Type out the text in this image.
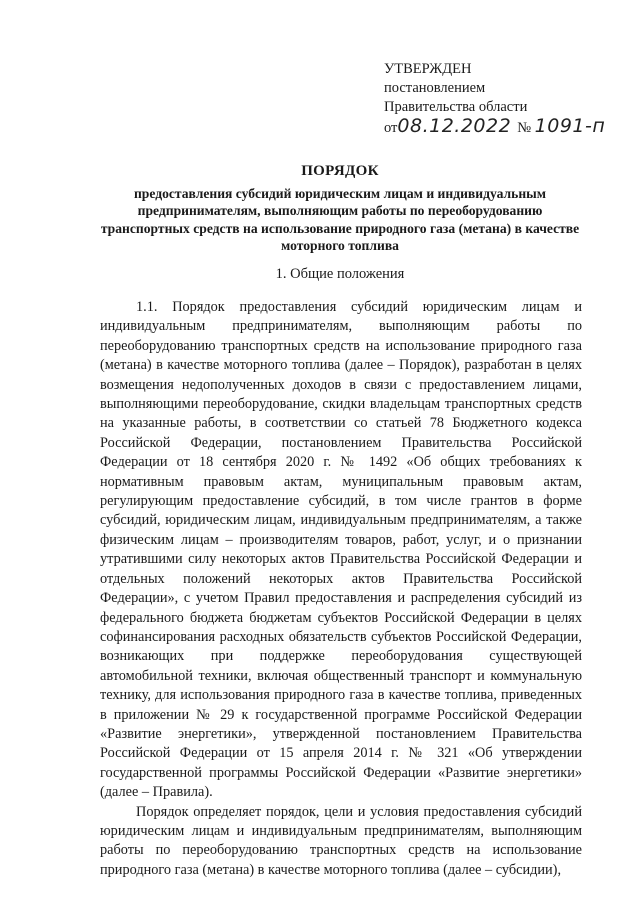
УТВЕРЖДЕН
постановлением
Правительства области
от08.12.2022 № 1091-п
ПОРЯДОК
предоставления субсидий юридическим лицам и индивидуальным предпринимателям, выполняющим работы по переоборудованию транспортных средств на использование природного газа (метана) в качестве моторного топлива
1. Общие положения

1.1. Порядок предоставления субсидий юридическим лицам и индивидуальным предпринимателям, выполняющим работы по переоборудованию транспортных средств на использование природного газа (метана) в качестве моторного топлива (далее – Порядок), разработан в целях возмещения недополученных доходов в связи с предоставлением лицами, выполняющими переоборудование, скидки владельцам транспортных средств на указанные работы, в соответствии со статьей 78 Бюджетного кодекса Российской Федерации, постановлением Правительства Российской Федерации от 18 сентября 2020 г. № 1492 «Об общих требованиях к нормативным правовым актам, муниципальным правовым актам, регулирующим предоставление субсидий, в том числе грантов в форме субсидий, юридическим лицам, индивидуальным предпринимателям, а также физическим лицам – производителям товаров, работ, услуг, и о признании утратившими силу некоторых актов Правительства Российской Федерации и отдельных положений некоторых актов Правительства Российской Федерации», с учетом Правил предоставления и распределения субсидий из федерального бюджета бюджетам субъектов Российской Федерации в целях софинансирования расходных обязательств субъектов Российской Федерации, возникающих при поддержке переоборудования существующей автомобильной техники, включая общественный транспорт и коммунальную технику, для использования природного газа в качестве топлива, приведенных в приложении № 29 к государственной программе Российской Федерации «Развитие энергетики», утвержденной постановлением Правительства Российской Федерации от 15 апреля 2014 г. № 321 «Об утверждении государственной программы Российской Федерации «Развитие энергетики» (далее – Правила).

Порядок определяет порядок, цели и условия предоставления субсидий юридическим лицам и индивидуальным предпринимателям, выполняющим работы по переоборудованию транспортных средств на использование природного газа (метана) в качестве моторного топлива (далее – субсидии),
